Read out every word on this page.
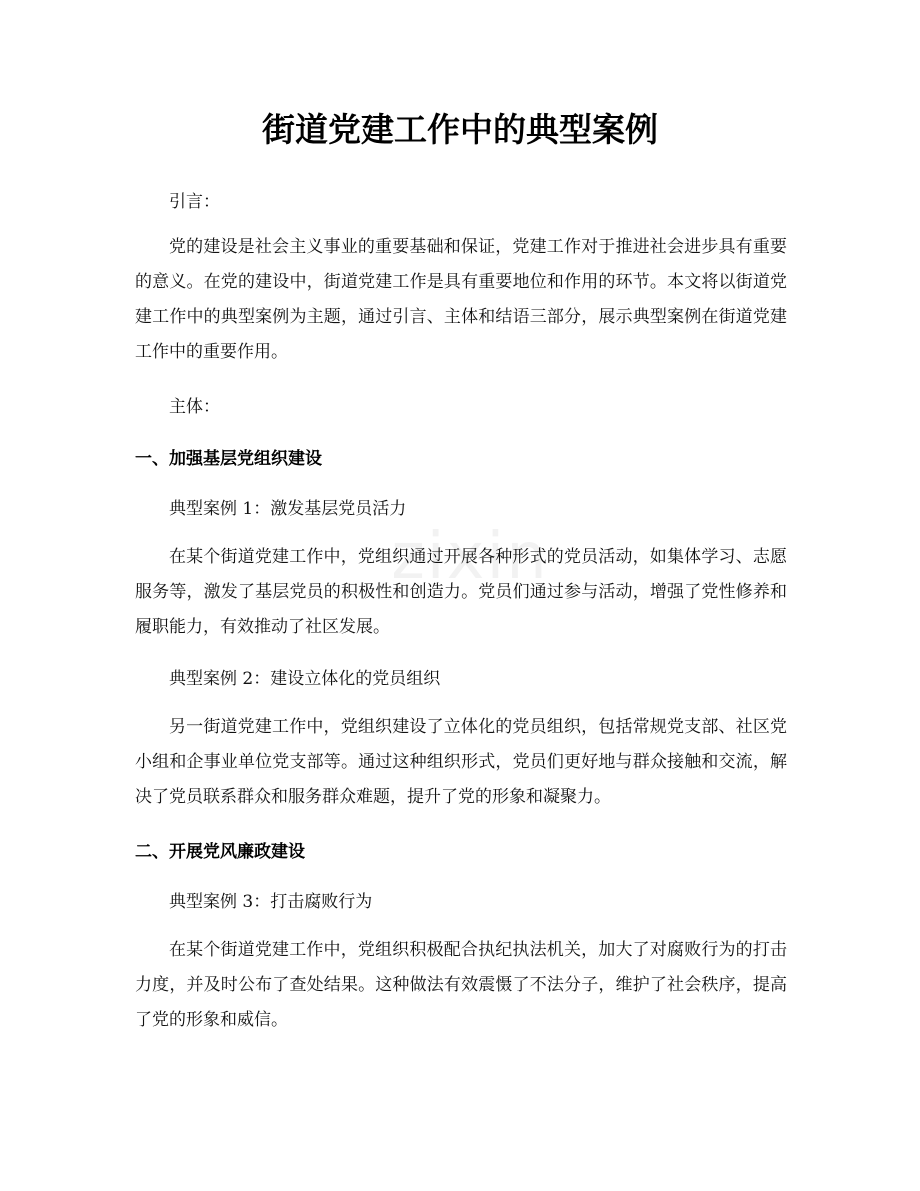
zixin
街道党建工作中的典型案例
引言：
党的建设是社会主义事业的重要基础和保证，党建工作对于推进社会进步具有重要的意义。在党的建设中，街道党建工作是具有重要地位和作用的环节。本文将以街道党建工作中的典型案例为主题，通过引言、主体和结语三部分，展示典型案例在街道党建工作中的重要作用。
主体：
一、加强基层党组织建设
典型案例 1：激发基层党员活力
在某个街道党建工作中，党组织通过开展各种形式的党员活动，如集体学习、志愿服务等，激发了基层党员的积极性和创造力。党员们通过参与活动，增强了党性修养和履职能力，有效推动了社区发展。
典型案例 2：建设立体化的党员组织
另一街道党建工作中，党组织建设了立体化的党员组织，包括常规党支部、社区党小组和企事业单位党支部等。通过这种组织形式，党员们更好地与群众接触和交流，解决了党员联系群众和服务群众难题，提升了党的形象和凝聚力。
二、开展党风廉政建设
典型案例 3：打击腐败行为
在某个街道党建工作中，党组织积极配合执纪执法机关，加大了对腐败行为的打击力度，并及时公布了查处结果。这种做法有效震慑了不法分子，维护了社会秩序，提高了党的形象和威信。
